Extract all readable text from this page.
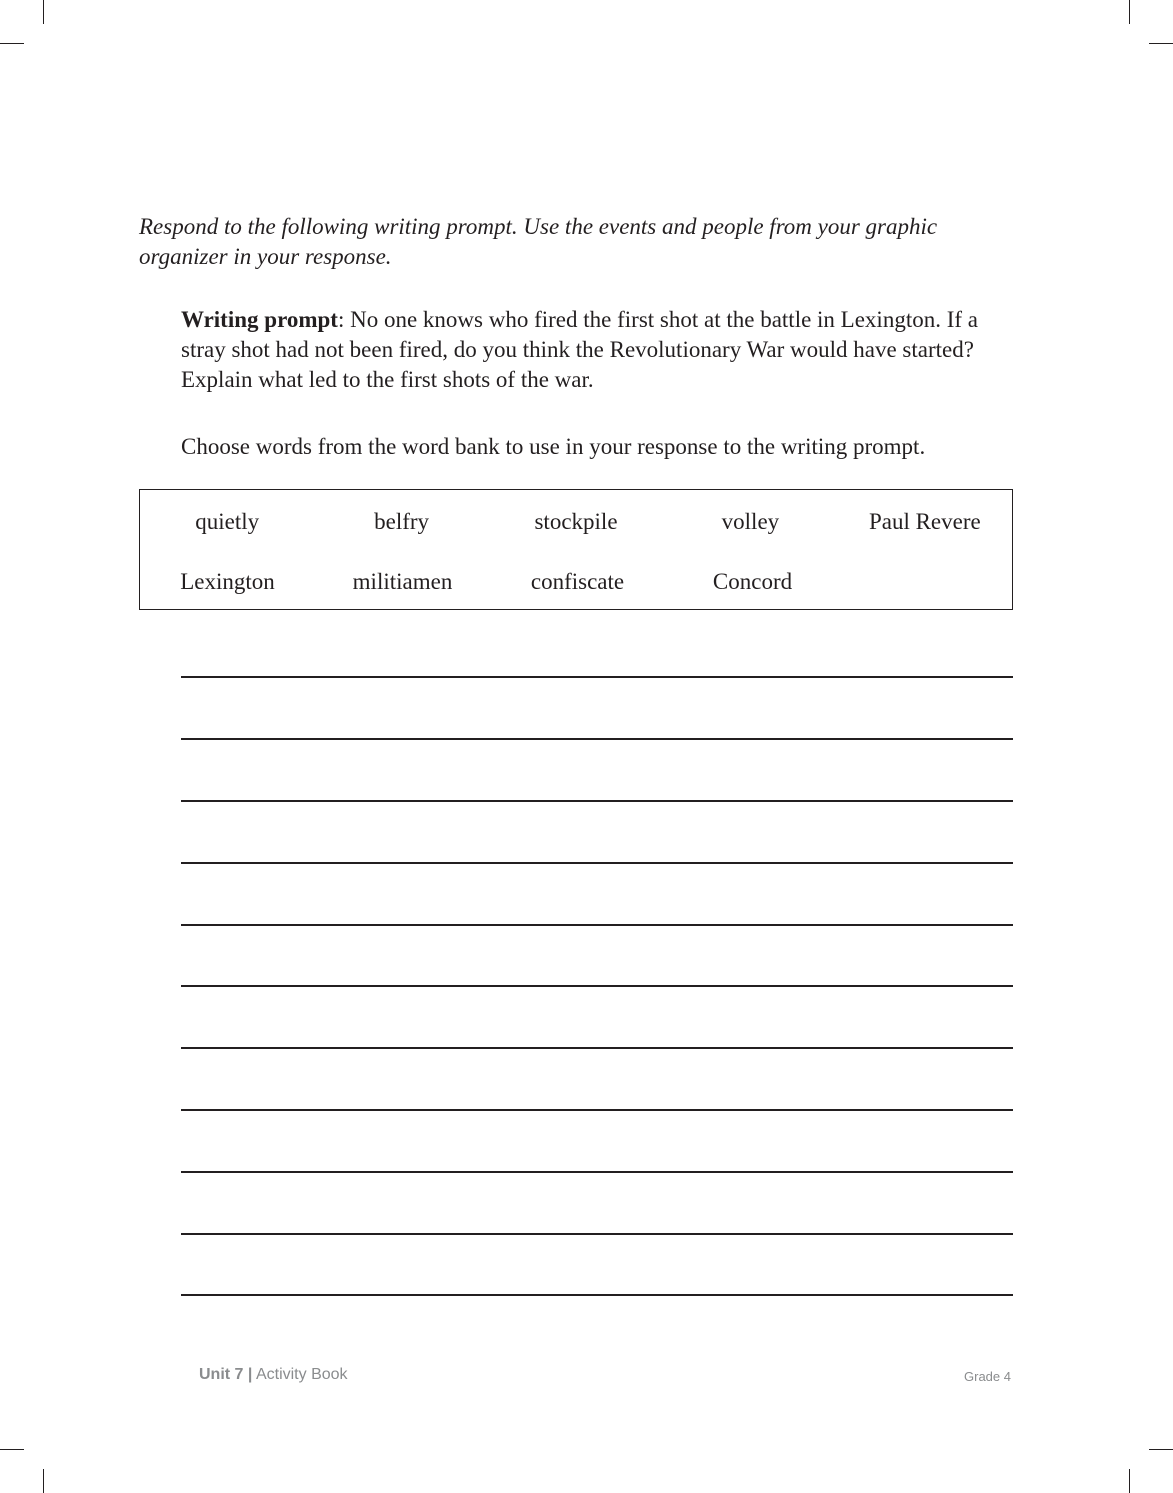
Respond to the following writing prompt. Use the events and people from your graphic organizer in your response.
Writing prompt: No one knows who fired the first shot at the battle in Lexington. If a stray shot had not been fired, do you think the Revolutionary War would have started? Explain what led to the first shots of the war.
Choose words from the word bank to use in your response to the writing prompt.
quietly	belfry	stockpile	volley	Paul Revere
Lexington	militiamen	confiscate	Concord
Unit 7 | Activity Book	Grade 4
